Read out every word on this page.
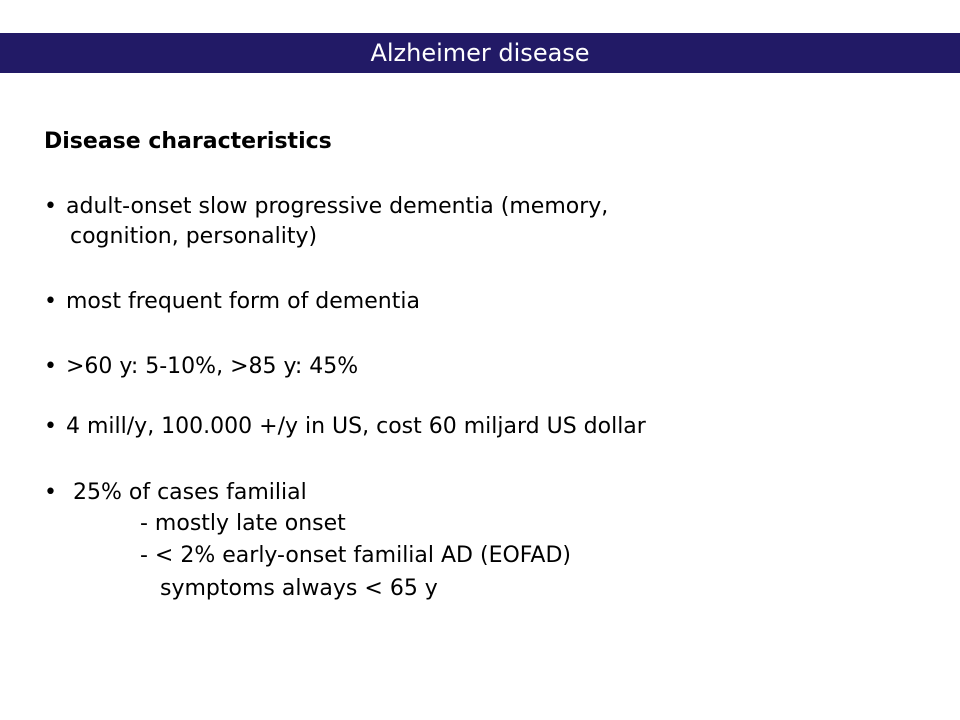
Alzheimer disease
Disease characteristics
• adult-onset slow progressive dementia (memory,
cognition, personality)
• most frequent form of dementia
• >60 y: 5-10%, >85 y: 45%
• 4 mill/y, 100.000 +/y in US, cost 60 miljard US dollar
• 25% of cases familial
- mostly late onset
- < 2% early-onset familial AD (EOFAD)
symptoms always < 65 y
